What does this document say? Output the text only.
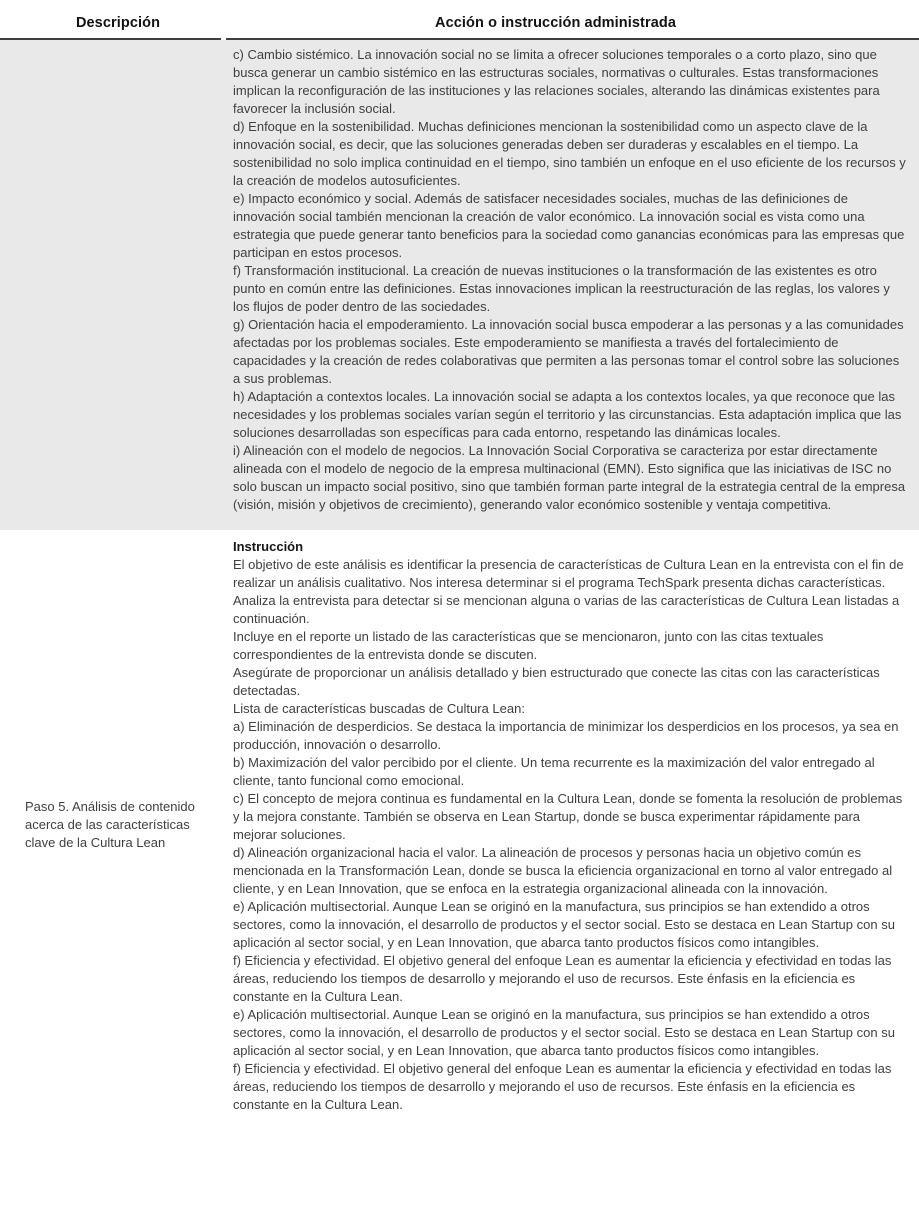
Descripción	Acción o instrucción administrada
c) Cambio sistémico. La innovación social no se limita a ofrecer soluciones temporales o a corto plazo, sino que busca generar un cambio sistémico en las estructuras sociales, normativas o culturales. Estas transformaciones implican la reconfiguración de las instituciones y las relaciones sociales, alterando las dinámicas existentes para favorecer la inclusión social.
d) Enfoque en la sostenibilidad. Muchas definiciones mencionan la sostenibilidad como un aspecto clave de la innovación social, es decir, que las soluciones generadas deben ser duraderas y escalables en el tiempo. La sostenibilidad no solo implica continuidad en el tiempo, sino también un enfoque en el uso eficiente de los recursos y la creación de modelos autosuficientes.
e) Impacto económico y social. Además de satisfacer necesidades sociales, muchas de las definiciones de innovación social también mencionan la creación de valor económico. La innovación social es vista como una estrategia que puede generar tanto beneficios para la sociedad como ganancias económicas para las empresas que participan en estos procesos.
f) Transformación institucional. La creación de nuevas instituciones o la transformación de las existentes es otro punto en común entre las definiciones. Estas innovaciones implican la reestructuración de las reglas, los valores y los flujos de poder dentro de las sociedades.
g) Orientación hacia el empoderamiento. La innovación social busca empoderar a las personas y a las comunidades afectadas por los problemas sociales. Este empoderamiento se manifiesta a través del fortalecimiento de capacidades y la creación de redes colaborativas que permiten a las personas tomar el control sobre las soluciones a sus problemas.
h) Adaptación a contextos locales. La innovación social se adapta a los contextos locales, ya que reconoce que las necesidades y los problemas sociales varían según el territorio y las circunstancias. Esta adaptación implica que las soluciones desarrolladas son específicas para cada entorno, respetando las dinámicas locales.
i) Alineación con el modelo de negocios. La Innovación Social Corporativa se caracteriza por estar directamente alineada con el modelo de negocio de la empresa multinacional (EMN). Esto significa que las iniciativas de ISC no solo buscan un impacto social positivo, sino que también forman parte integral de la estrategia central de la empresa (visión, misión y objetivos de crecimiento), generando valor económico sostenible y ventaja competitiva.
Paso 5. Análisis de contenido acerca de las características clave de la Cultura Lean
Instrucción
El objetivo de este análisis es identificar la presencia de características de Cultura Lean en la entrevista con el fin de realizar un análisis cualitativo. Nos interesa determinar si el programa TechSpark presenta dichas características.
Analiza la entrevista para detectar si se mencionan alguna o varias de las características de Cultura Lean listadas a continuación.
Incluye en el reporte un listado de las características que se mencionaron, junto con las citas textuales correspondientes de la entrevista donde se discuten.
Asegúrate de proporcionar un análisis detallado y bien estructurado que conecte las citas con las características detectadas.
Lista de características buscadas de Cultura Lean:
a) Eliminación de desperdicios. Se destaca la importancia de minimizar los desperdicios en los procesos, ya sea en producción, innovación o desarrollo.
b) Maximización del valor percibido por el cliente. Un tema recurrente es la maximización del valor entregado al cliente, tanto funcional como emocional.
c) El concepto de mejora continua es fundamental en la Cultura Lean, donde se fomenta la resolución de problemas y la mejora constante. También se observa en Lean Startup, donde se busca experimentar rápidamente para mejorar soluciones.
d) Alineación organizacional hacia el valor. La alineación de procesos y personas hacia un objetivo común es mencionada en la Transformación Lean, donde se busca la eficiencia organizacional en torno al valor entregado al cliente, y en Lean Innovation, que se enfoca en la estrategia organizacional alineada con la innovación.
e) Aplicación multisectorial. Aunque Lean se originó en la manufactura, sus principios se han extendido a otros sectores, como la innovación, el desarrollo de productos y el sector social. Esto se destaca en Lean Startup con su aplicación al sector social, y en Lean Innovation, que abarca tanto productos físicos como intangibles.
f) Eficiencia y efectividad. El objetivo general del enfoque Lean es aumentar la eficiencia y efectividad en todas las áreas, reduciendo los tiempos de desarrollo y mejorando el uso de recursos. Este énfasis en la eficiencia es constante en la Cultura Lean.
e) Aplicación multisectorial. Aunque Lean se originó en la manufactura, sus principios se han extendido a otros sectores, como la innovación, el desarrollo de productos y el sector social. Esto se destaca en Lean Startup con su aplicación al sector social, y en Lean Innovation, que abarca tanto productos físicos como intangibles.
f) Eficiencia y efectividad. El objetivo general del enfoque Lean es aumentar la eficiencia y efectividad en todas las áreas, reduciendo los tiempos de desarrollo y mejorando el uso de recursos. Este énfasis en la eficiencia es constante en la Cultura Lean.
